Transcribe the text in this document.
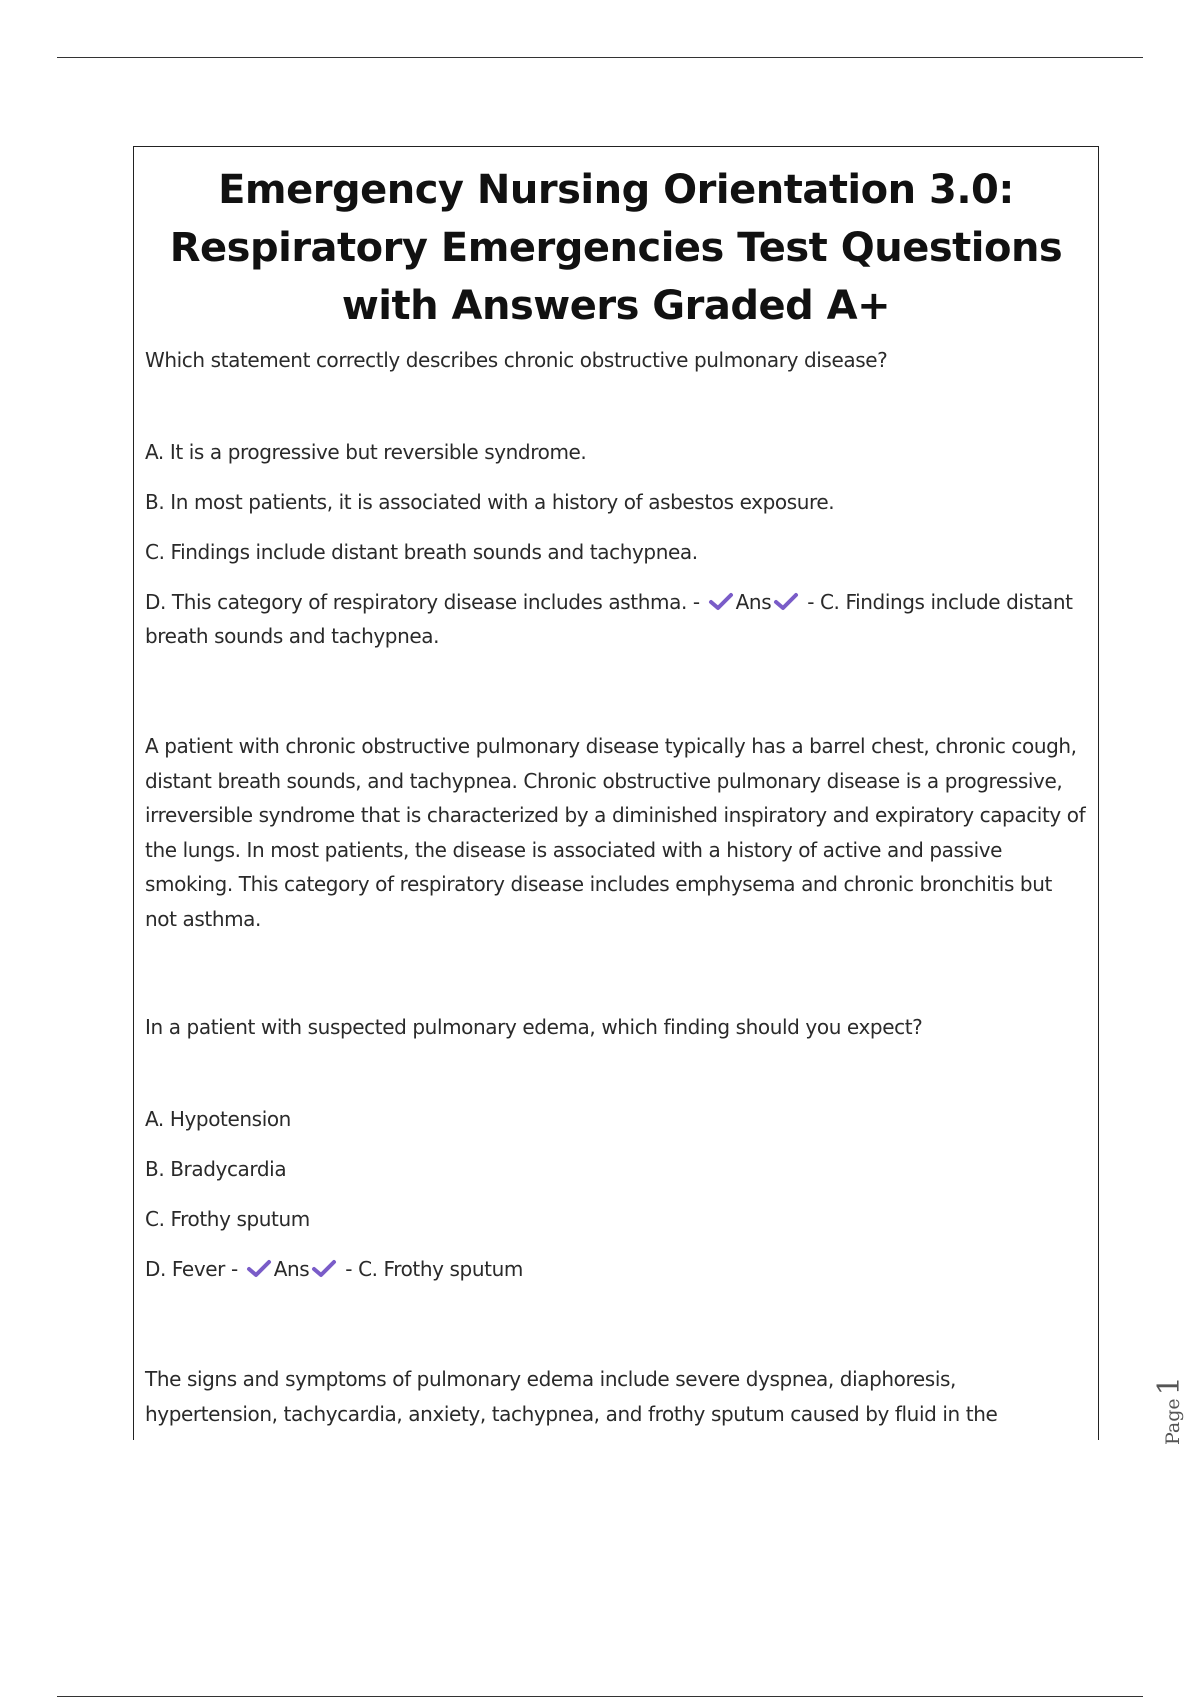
Emergency Nursing Orientation 3.0: Respiratory Emergencies Test Questions with Answers Graded A+
Which statement correctly describes chronic obstructive pulmonary disease?
A. It is a progressive but reversible syndrome.
B. In most patients, it is associated with a history of asbestos exposure.
C. Findings include distant breath sounds and tachypnea.
D. This category of respiratory disease includes asthma. - Ans - C. Findings include distant breath sounds and tachypnea.
A patient with chronic obstructive pulmonary disease typically has a barrel chest, chronic cough, distant breath sounds, and tachypnea. Chronic obstructive pulmonary disease is a progressive, irreversible syndrome that is characterized by a diminished inspiratory and expiratory capacity of the lungs. In most patients, the disease is associated with a history of active and passive smoking. This category of respiratory disease includes emphysema and chronic bronchitis but not asthma.
In a patient with suspected pulmonary edema, which finding should you expect?
A. Hypotension
B. Bradycardia
C. Frothy sputum
D. Fever - Ans - C. Frothy sputum
The signs and symptoms of pulmonary edema include severe dyspnea, diaphoresis, hypertension, tachycardia, anxiety, tachypnea, and frothy sputum caused by fluid in the	Page1
